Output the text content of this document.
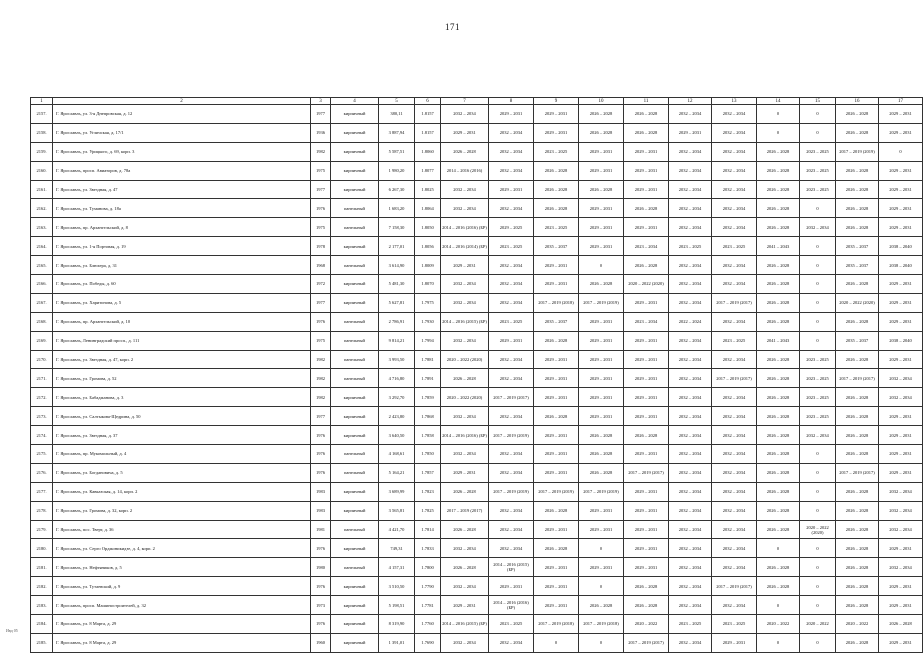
171
1	2	3	4	5	6	7	8	9	10	11	12	13	14	15	16	17
2157.	Г. Ярославль, ул. 3-я Днепровская, д. 12	1977	кирпичный	380,11	1.8157	2032 – 2034	2029 – 2031	2029 – 2031	2026 – 2028	2026 – 2028	2032 – 2034	2032 – 2034	0	0	2026 – 2028	2029 – 2031
2158.	Г. Ярославль, ул. Угличская, д. 17/1	1936	кирпичный	3 887,94	1.8157	2029 – 2031	2032 – 2034	2029 – 2031	2026 – 2028	2026 – 2028	2029 – 2031	2032 – 2034	0	0	2026 – 2028	2029 – 2031
2159.	Г. Ярославль, ул. Урицкого, д. 69, корп. 3	1982	кирпичный	5 587,51	1.8060	2026 – 2028	2032 – 2034	2023 – 2025	2029 – 2031	2029 – 2031	2032 – 2034	2032 – 2034	2026 – 2028	2023 – 2025	2017 – 2019 (2019)	0
2160.	Г. Ярославль, просп. Авиаторов, д. 78а	1975	кирпичный	1 980,20	1.8077	2014 – 2016 (2016)	2032 – 2034	2026 – 2028	2029 – 2031	2029 – 2031	2032 – 2034	2032 – 2034	2026 – 2028	2023 – 2025	2026 – 2028	2029 – 2031
2161.	Г. Ярославль, ул. Звездная, д. 47	1977	кирпичный	6 267,30	1.8025	2032 – 2034	2029 – 2031	2026 – 2028	2026 – 2028	2029 – 2031	2032 – 2034	2032 – 2034	2026 – 2028	2023 – 2025	2026 – 2028	2029 – 2031
2162.	Г. Ярославль, ул. Туманова, д. 18а	1976	панельный	1 683,20	1.8064	2032 – 2034	2032 – 2034	2026 – 2028	2029 – 2031	2026 – 2028	2032 – 2034	2032 – 2034	2026 – 2028	0	2026 – 2028	2029 – 2031
2163.	Г. Ярославль, пр. Архангельский, д. 8	1975	панельный	7 158,30	1.8050	2014 – 2016 (2016) (БР)	2029 – 2025	2023 – 2025	2029 – 2031	2029 – 2031	2032 – 2034	2032 – 2034	2026 – 2028	2032 – 2034	2026 – 2028	2029 – 2031
2164.	Г. Ярославль, ул. 1-я Портовая, д. 19	1978	кирпичный	2 177,01	1.8056	2014 – 2016 (2014) (БР)	2023 – 2025	2035 – 2037	2029 – 2031	2023 – 2034	2023 – 2025	2023 – 2025	2041 – 2043	0	2035 – 2037	2038 – 2040
2165.	Г. Ярославль, ул. Блюхера, д. 31	1968	панельный	3 614,90	1.8009	2029 – 2031	2032 – 2034	2029 – 2031	0	2026 – 2028	2032 – 2034	2032 – 2034	2026 – 2028	0	2035 – 2037	2038 – 2040
2166.	Г. Ярославль, ул. Победы, д. 60	1972	кирпичный	5 481,30	1.8070	2032 – 2034	2032 – 2034	2029 – 2031	2026 – 2028	2020 – 2022 (2020)	2032 – 2034	2032 – 2034	2026 – 2028	0	2026 – 2028	2029 – 2031
2167.	Г. Ярославль, ул. Харитонова, д. 5	1977	кирпичный	5 627,81	1.7975	2032 – 2034	2032 – 2034	2017 – 2019 (2018)	2017 – 2019 (2019)	2029 – 2031	2032 – 2034	2017 – 2019 (2017)	2026 – 2028	0	2020 – 2022 (2020)	2029 – 2031
2168.	Г. Ярославль, пр. Архангельский, д. 10	1976	панельный	2 786,91	1.7930	2014 – 2016 (2015) (БР)	2023 – 2025	2035 – 2037	2029 – 2031	2023 – 2034	2022 – 2024	2032 – 2034	2026 – 2028	0	2026 – 2028	2029 – 2031
2169.	Г. Ярославль, Ленинградский просп., д. 111	1975	панельный	9 814,21	1.7994	2032 – 2034	2029 – 2031	2026 – 2028	2029 – 2031	2029 – 2031	2032 – 2034	2023 – 2025	2041 – 2043	0	2035 – 2037	2038 – 2040
2170.	Г. Ярославль, ул. Звездная, д. 47, корп. 2	1982	панельный	3 993,50	1.7881	2020 – 2022 (2020)	2032 – 2034	2029 – 2031	2029 – 2031	2029 – 2031	2032 – 2034	2032 – 2034	2026 – 2028	2023 – 2025	2026 – 2028	2029 – 2031
2171.	Г. Ярославль, ул. Громова, д. 52	1982	панельный	4 716,80	1.7891	2026 – 2028	2032 – 2034	2029 – 2031	2029 – 2031	2029 – 2031	2032 – 2034	2017 – 2019 (2017)	2026 – 2028	2023 – 2025	2017 – 2019 (2017)	2032 – 2034
2172.	Г. Ярославль, ул. Бабаджанова, д. 3	1982	кирпичный	3 292,70	1.7859	2020 – 2022 (2020)	2017 – 2019 (2017)	2029 – 2031	2029 – 2031	2029 – 2031	2032 – 2034	2032 – 2034	2026 – 2028	2023 – 2025	2026 – 2028	2032 – 2034
2173.	Г. Ярославль, ул. Салтыкова-Щедрина, д. 50	1977	кирпичный	2 423,80	1.7868	2032 – 2034	2032 – 2034	2026 – 2028	2029 – 2031	2029 – 2031	2032 – 2034	2032 – 2034	2026 – 2028	2023 – 2025	2026 – 2028	2029 – 2031
2174.	Г. Ярославль, ул. Звездная, д. 37	1976	кирпичный	3 640,50	1.7858	2014 – 2016 (2016) (БР)	2017 – 2019 (2019)	2029 – 2031	2026 – 2028	2026 – 2028	2032 – 2034	2032 – 2034	2026 – 2028	2032 – 2034	2026 – 2028	2029 – 2031
2175.	Г. Ярославль, пр. Мукомольный, д. 4	1976	панельный	4 168,61	1.7850	2032 – 2034	2032 – 2034	2029 – 2031	2026 – 2028	2029 – 2031	2032 – 2034	2032 – 2034	2026 – 2028	0	2026 – 2028	2029 – 2031
2176.	Г. Ярославль, ул. Богдановича, д. 5	1976	панельный	5 164,21	1.7857	2029 – 2031	2032 – 2034	2029 – 2031	2026 – 2028	2017 – 2019 (2017)	2032 – 2034	2032 – 2034	2026 – 2028	0	2017 – 2019 (2017)	2029 – 2031
2177.	Г. Ярославль, ул. Кавказская, д. 14, корп. 2	1983	кирпичный	3 689,99	1.7823	2026 – 2028	2017 – 2019 (2019)	2017 – 2019 (2019)	2017 – 2019 (2019)	2029 – 2031	2032 – 2034	2032 – 2034	2026 – 2028	0	2026 – 2028	2032 – 2034
2178.	Г. Ярославль, ул. Громова, д. 32, корп. 2	1983	кирпичный	3 565,81	1.7825	2017 – 2019 (2017)	2032 – 2034	2026 – 2028	2029 – 2031	2029 – 2031	2032 – 2034	2032 – 2034	2026 – 2028	0	2026 – 2028	2032 – 2034
2179.	Г. Ярославль, пос. Тверт, д. 36	1981	панельный	4 421,70	1.7814	2026 – 2028	2032 – 2034	2029 – 2031	2029 – 2031	2029 – 2031	2032 – 2034	2032 – 2034	2026 – 2028	2020 – 2022 (2020)	2026 – 2028	2032 – 2034
2180.	Г. Ярославль, ул. Серго Орджоникидзе, д. 4, корп. 2	1976	кирпичный	749,31	1.7833	2032 – 2034	2032 – 2034	2026 – 2028	0	2029 – 2031	2032 – 2034	2032 – 2034	0	0	2026 – 2028	2029 – 2031
2181.	Г. Ярославль, ул. Нефтяников, д. 5	1980	панельный	4 157,31	1.7800	2026 – 2028	2014 – 2016 (2015) (БР)	2029 – 2031	2029 – 2031	2029 – 2031	2032 – 2034	2032 – 2034	2026 – 2028	0	2026 – 2028	2032 – 2034
2182.	Г. Ярославль, ул. Тутаевский, д. 9	1976	кирпичный	3 510,50	1.7790	2032 – 2034	2029 – 2031	2029 – 2031	0	2026 – 2028	2032 – 2034	2017 – 2019 (2017)	2026 – 2028	0	2026 – 2028	2029 – 2031
2183.	Г. Ярославль, просп. Машиностроителей, д. 32	1973	кирпичный	5 198,51	1.7781	2029 – 2031	2014 – 2016 (2016) (БР)	2029 – 2031	2026 – 2028	2026 – 2028	2032 – 2034	2032 – 2034	0	0	2026 – 2028	2029 – 2031
2184.	Г. Ярославль, ул. 8 Марта, д. 29	1976	кирпичный	8 319,90	1.7760	2014 – 2016 (2015) (БР)	2023 – 2025	2017 – 2019 (2018)	2017 – 2019 (2018)	2020 – 2022	2023 – 2025	2023 – 2025	2020 – 2022	2020 – 2022	2020 – 2022	2026 – 2028
2185.	Г. Ярославль, ул. 8 Марта, д. 29	1960	кирпичный	1 391,01	1.7690	2032 – 2034	2032 – 2034	0	0	2017 – 2019 (2017)	2032 – 2034	2029 – 2031	0	0	2026 – 2028	2029 – 2031
Ивд 05
